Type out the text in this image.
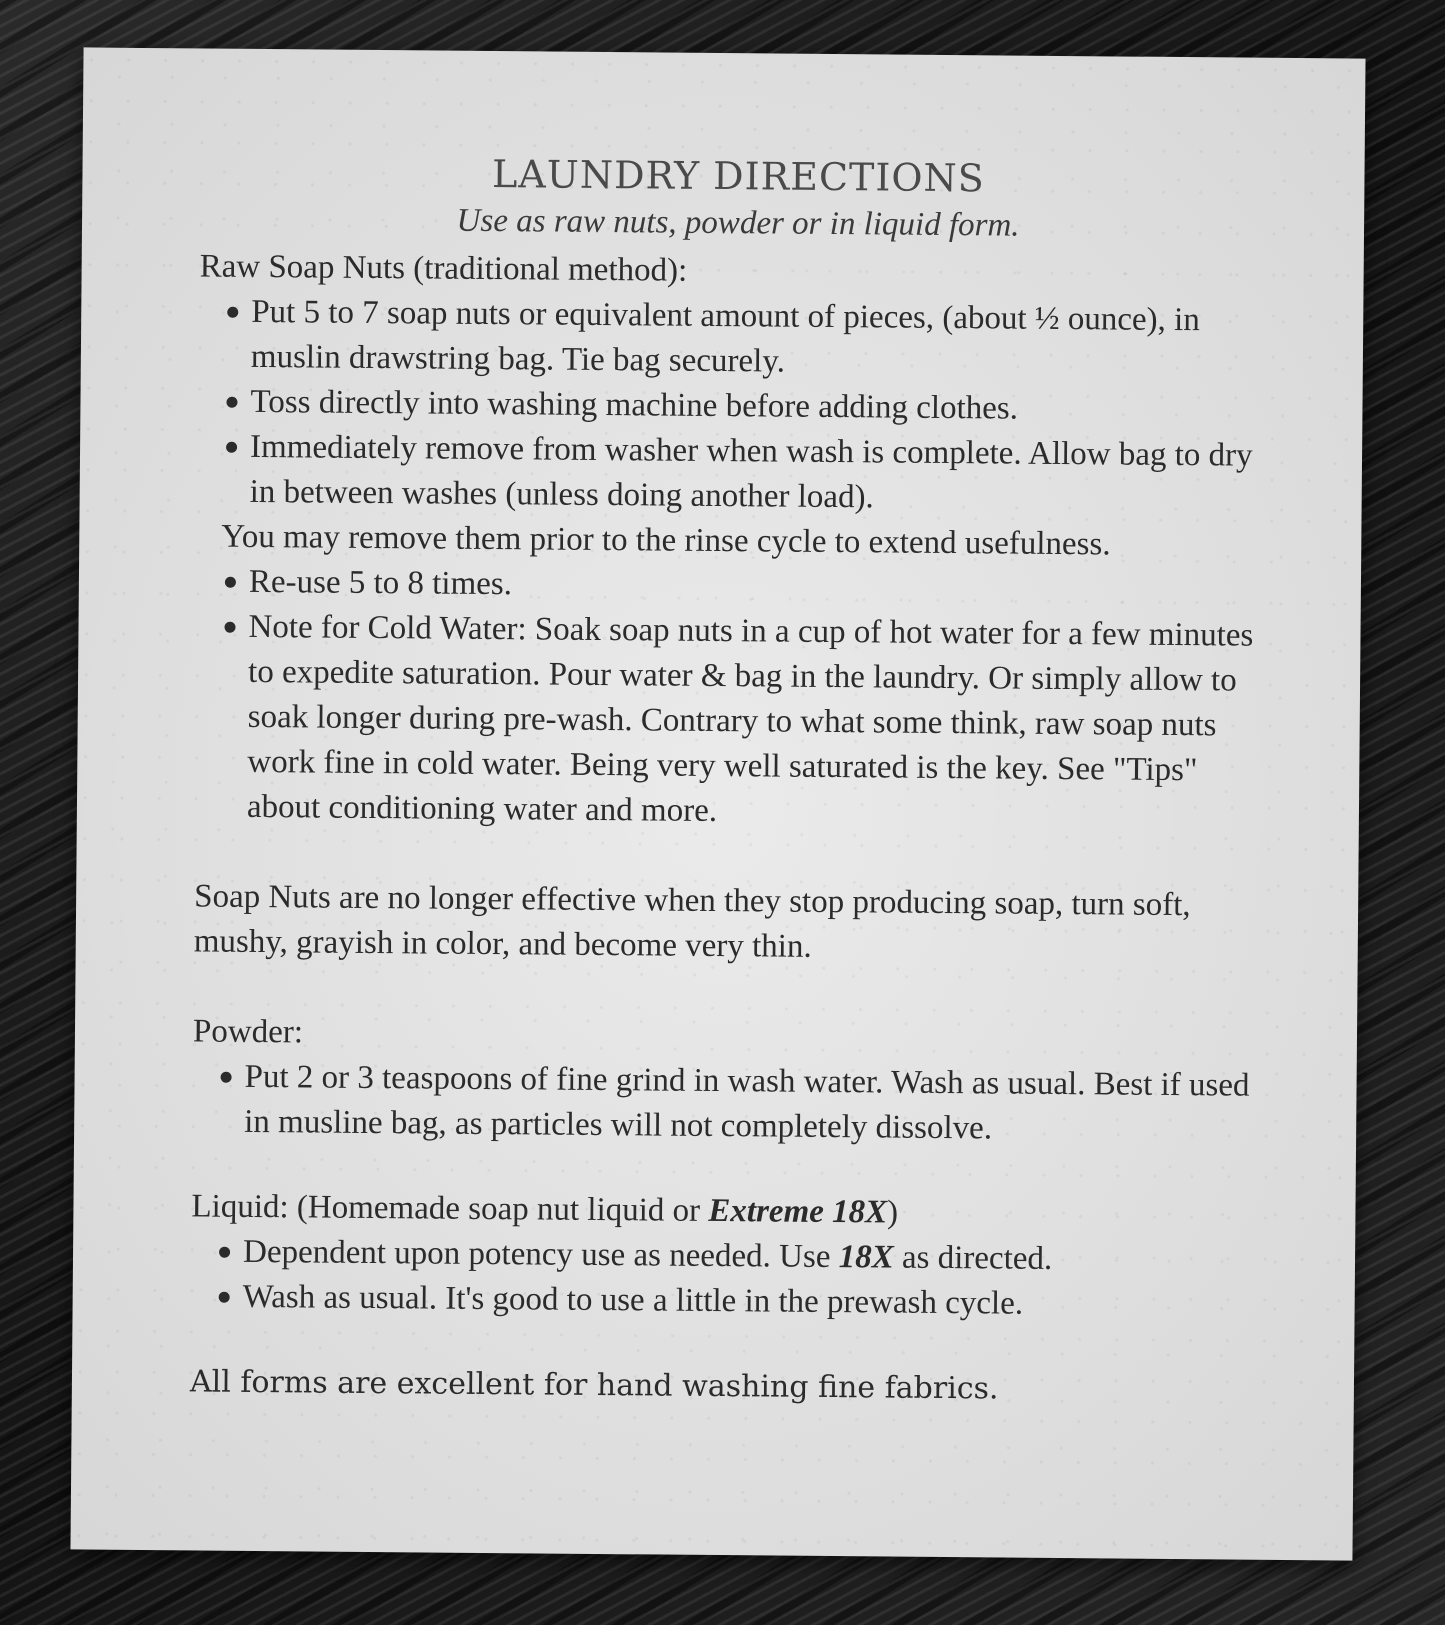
LAUNDRY DIRECTIONS

Use as raw nuts, powder or in liquid form.

Raw Soap Nuts (traditional method):

Put 5 to 7 soap nuts or equivalent amount of pieces, (about ½ ounce), in muslin drawstring bag. Tie bag securely.
Toss directly into washing machine before adding clothes.
Immediately remove from washer when wash is complete. Allow bag to dry in between washes (unless doing another load).
You may remove them prior to the rinse cycle to extend usefulness.
Re-use 5 to 8 times.
Note for Cold Water: Soak soap nuts in a cup of hot water for a few minutes to expedite saturation. Pour water & bag in the laundry. Or simply allow to soak longer during pre-wash. Contrary to what some think, raw soap nuts work fine in cold water. Being very well saturated is the key. See "Tips" about conditioning water and more.

Soap Nuts are no longer effective when they stop producing soap, turn soft, mushy, grayish in color, and become very thin.

Powder:

Put 2 or 3 teaspoons of fine grind in wash water. Wash as usual. Best if used in musline bag, as particles will not completely dissolve.

Liquid: (Homemade soap nut liquid or Extreme 18X)

Dependent upon potency use as needed. Use 18X as directed.
Wash as usual. It's good to use a little in the prewash cycle.

All forms are excellent for hand washing fine fabrics.
